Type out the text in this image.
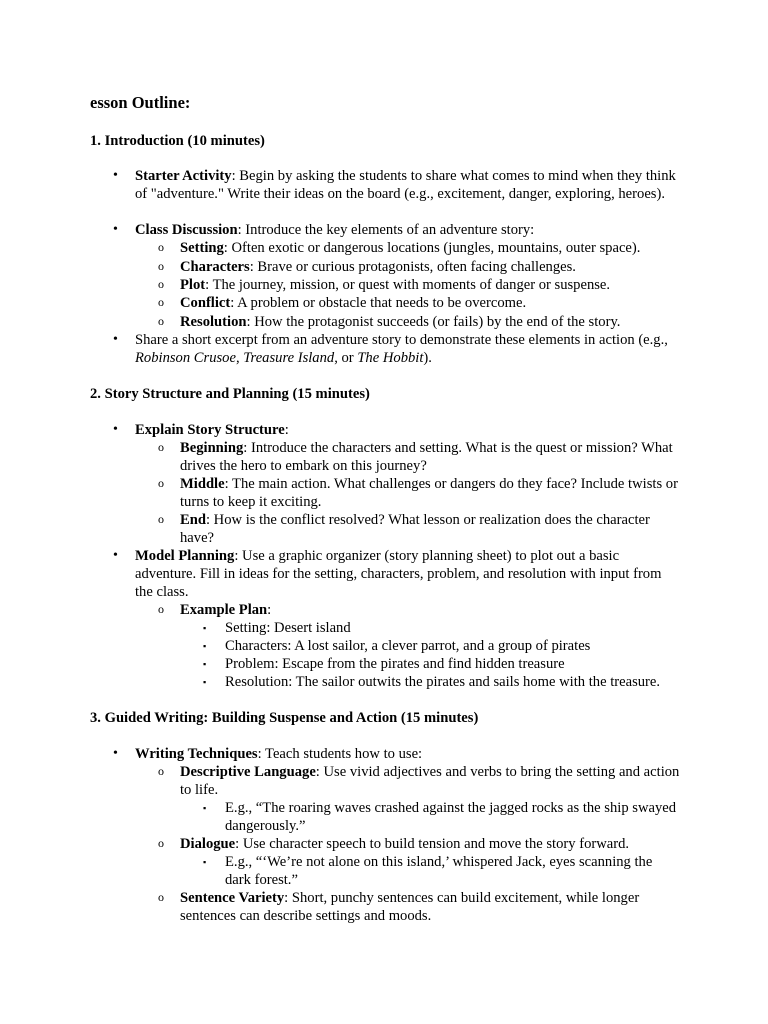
esson Outline:
1. Introduction (10 minutes)
• Starter Activity: Begin by asking the students to share what comes to mind when they think of "adventure." Write their ideas on the board (e.g., excitement, danger, exploring, heroes).
• Class Discussion: Introduce the key elements of an adventure story:
o Setting: Often exotic or dangerous locations (jungles, mountains, outer space).
o Characters: Brave or curious protagonists, often facing challenges.
o Plot: The journey, mission, or quest with moments of danger or suspense.
o Conflict: A problem or obstacle that needs to be overcome.
o Resolution: How the protagonist succeeds (or fails) by the end of the story.
• Share a short excerpt from an adventure story to demonstrate these elements in action (e.g., Robinson Crusoe, Treasure Island, or The Hobbit).
2. Story Structure and Planning (15 minutes)
• Explain Story Structure:
o Beginning: Introduce the characters and setting. What is the quest or mission? What drives the hero to embark on this journey?
o Middle: The main action. What challenges or dangers do they face? Include twists or turns to keep it exciting.
o End: How is the conflict resolved? What lesson or realization does the character have?
• Model Planning: Use a graphic organizer (story planning sheet) to plot out a basic adventure. Fill in ideas for the setting, characters, problem, and resolution with input from the class.
o Example Plan:
▪ Setting: Desert island
▪ Characters: A lost sailor, a clever parrot, and a group of pirates
▪ Problem: Escape from the pirates and find hidden treasure
▪ Resolution: The sailor outwits the pirates and sails home with the treasure.
3. Guided Writing: Building Suspense and Action (15 minutes)
• Writing Techniques: Teach students how to use:
o Descriptive Language: Use vivid adjectives and verbs to bring the setting and action to life.
▪ E.g., “The roaring waves crashed against the jagged rocks as the ship swayed dangerously.”
o Dialogue: Use character speech to build tension and move the story forward.
▪ E.g., “‘We’re not alone on this island,’ whispered Jack, eyes scanning the dark forest.”
o Sentence Variety: Short, punchy sentences can build excitement, while longer sentences can describe settings and moods.
